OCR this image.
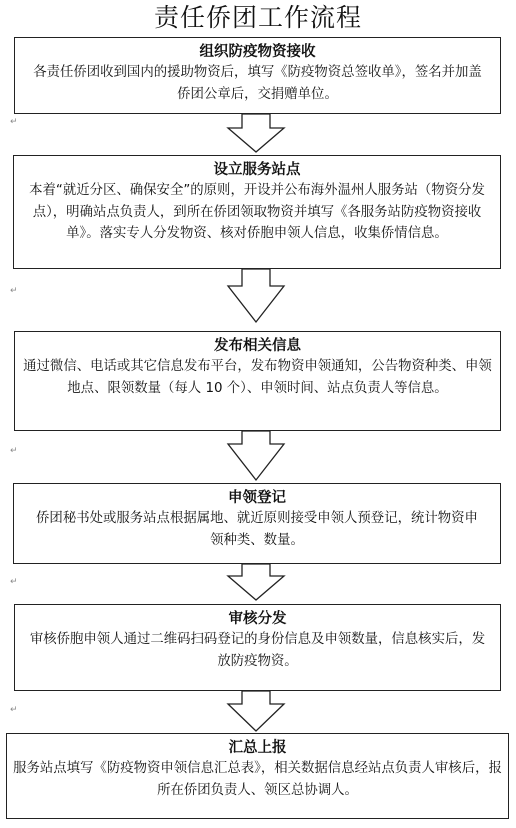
责任侨团工作流程
组织防疫物资接收
各责任侨团收到国内的援助物资后，填写《防疫物资总签收单》，签名并加盖侨团公章后，交捐赠单位。
设立服务站点
本着“就近分区、确保安全”的原则，开设并公布海外温州人服务站（物资分发点），明确站点负责人，到所在侨团领取物资并填写《各服务站防疫物资接收单》。落实专人分发物资、核对侨胞申领人信息，收集侨情信息。
发布相关信息
通过微信、电话或其它信息发布平台，发布物资申领通知，公告物资种类、申领地点、限领数量（每人 10 个）、申领时间、站点负责人等信息。
申领登记
侨团秘书处或服务站点根据属地、就近原则接受申领人预登记，统计物资申领种类、数量。
审核分发
审核侨胞申领人通过二维码扫码登记的身份信息及申领数量，信息核实后，发放防疫物资。
汇总上报
服务站点填写《防疫物资申领信息汇总表》，相关数据信息经站点负责人审核后，报所在侨团负责人、领区总协调人。
↵
↵
↵
↵
↵
